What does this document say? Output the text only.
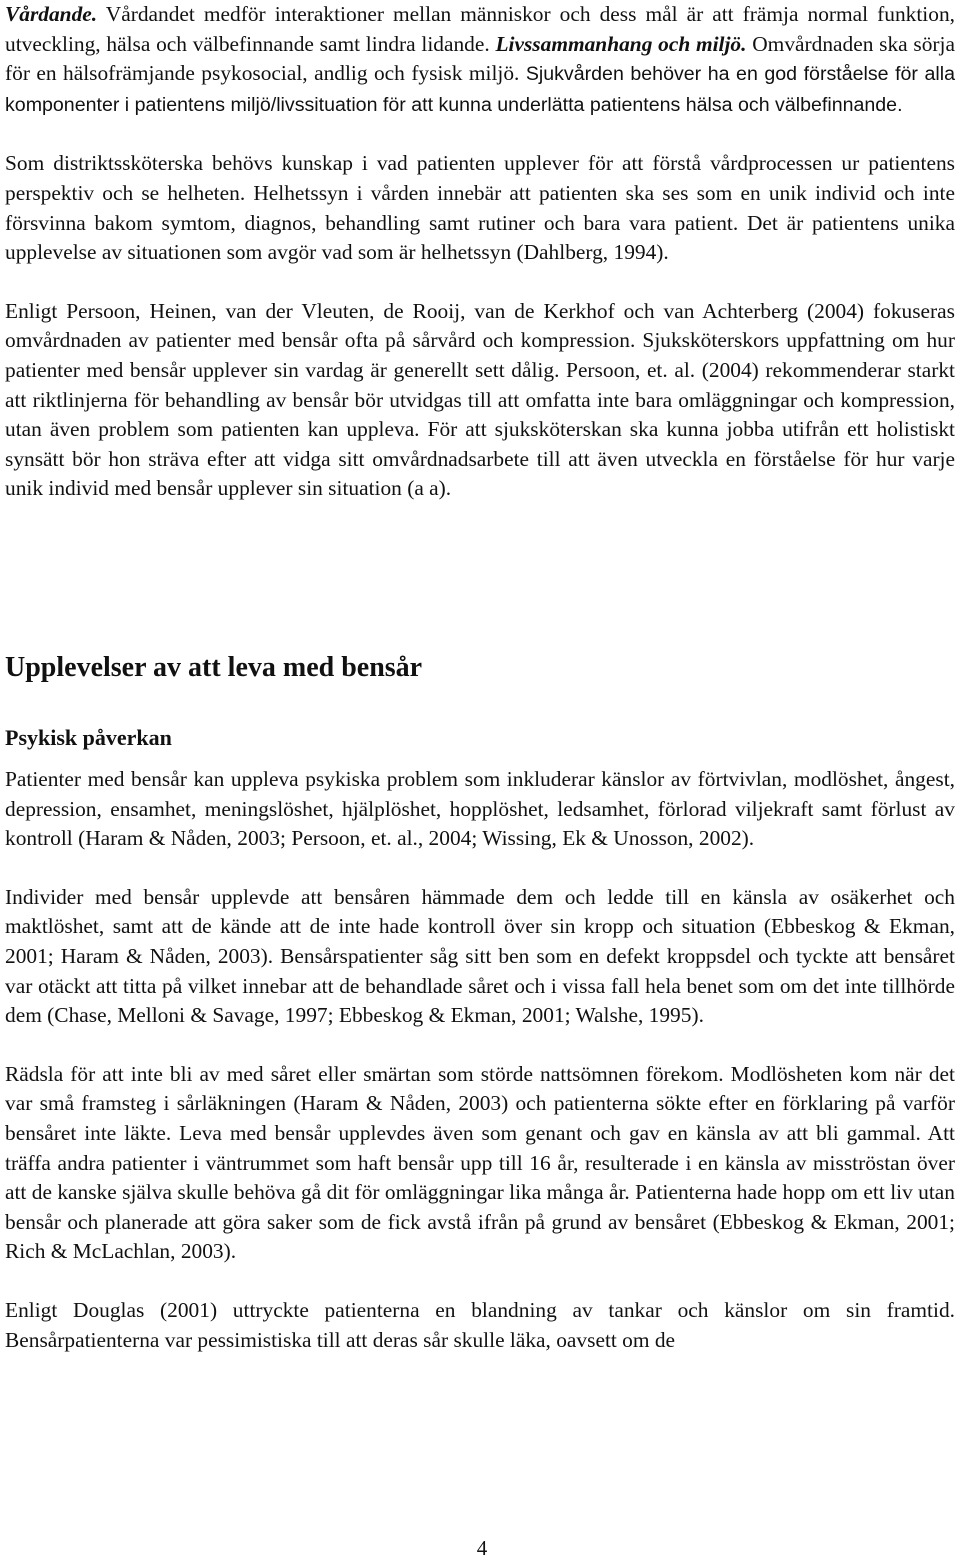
Vårdande. Vårdandet medför interaktioner mellan människor och dess mål är att främja normal funktion, utveckling, hälsa och välbefinnande samt lindra lidande. Livssammanhang och miljö. Omvårdnaden ska sörja för en hälsofrämjande psykosocial, andlig och fysisk miljö. Sjukvården behöver ha en god förståelse för alla komponenter i patientens miljö/livssituation för att kunna underlätta patientens hälsa och välbefinnande.

Som distriktssköterska behövs kunskap i vad patienten upplever för att förstå vårdprocessen ur patientens perspektiv och se helheten. Helhetssyn i vården innebär att patienten ska ses som en unik individ och inte försvinna bakom symtom, diagnos, behandling samt rutiner och bara vara patient. Det är patientens unika upplevelse av situationen som avgör vad som är helhetssyn (Dahlberg, 1994).

Enligt Persoon, Heinen, van der Vleuten, de Rooij, van de Kerkhof och van Achterberg (2004) fokuseras omvårdnaden av patienter med bensår ofta på sårvård och kompression. Sjuksköterskors uppfattning om hur patienter med bensår upplever sin vardag är generellt sett dålig. Persoon, et. al. (2004) rekommenderar starkt att riktlinjerna för behandling av bensår bör utvidgas till att omfatta inte bara omläggningar och kompression, utan även problem som patienten kan uppleva. För att sjuksköterskan ska kunna jobba utifrån ett holistiskt synsätt bör hon sträva efter att vidga sitt omvårdnadsarbete till att även utveckla en förståelse för hur varje unik individ med bensår upplever sin situation (a a).

Upplevelser av att leva med bensår
Psykisk påverkan

Patienter med bensår kan uppleva psykiska problem som inkluderar känslor av förtvivlan, modlöshet, ångest, depression, ensamhet, meningslöshet, hjälplöshet, hopplöshet, ledsamhet, förlorad viljekraft samt förlust av kontroll (Haram & Nåden, 2003; Persoon, et. al., 2004; Wissing, Ek & Unosson, 2002).

Individer med bensår upplevde att bensåren hämmade dem och ledde till en känsla av osäkerhet och maktlöshet, samt att de kände att de inte hade kontroll över sin kropp och situation (Ebbeskog & Ekman, 2001; Haram & Nåden, 2003). Bensårspatienter såg sitt ben som en defekt kroppsdel och tyckte att bensåret var otäckt att titta på vilket innebar att de behandlade såret och i vissa fall hela benet som om det inte tillhörde dem (Chase, Melloni & Savage, 1997; Ebbeskog & Ekman, 2001; Walshe, 1995).

Rädsla för att inte bli av med såret eller smärtan som störde nattsömnen förekom. Modlösheten kom när det var små framsteg i sårläkningen (Haram & Nåden, 2003) och patienterna sökte efter en förklaring på varför bensåret inte läkte. Leva med bensår upplevdes även som genant och gav en känsla av att bli gammal. Att träffa andra patienter i väntrummet som haft bensår upp till 16 år, resulterade i en känsla av misströstan över att de kanske själva skulle behöva gå dit för omläggningar lika många år. Patienterna hade hopp om ett liv utan bensår och planerade att göra saker som de fick avstå ifrån på grund av bensåret (Ebbeskog & Ekman, 2001; Rich & McLachlan, 2003).

Enligt Douglas (2001) uttryckte patienterna en blandning av tankar och känslor om sin framtid. Bensårpatienterna var pessimistiska till att deras sår skulle läka, oavsett om de

4
